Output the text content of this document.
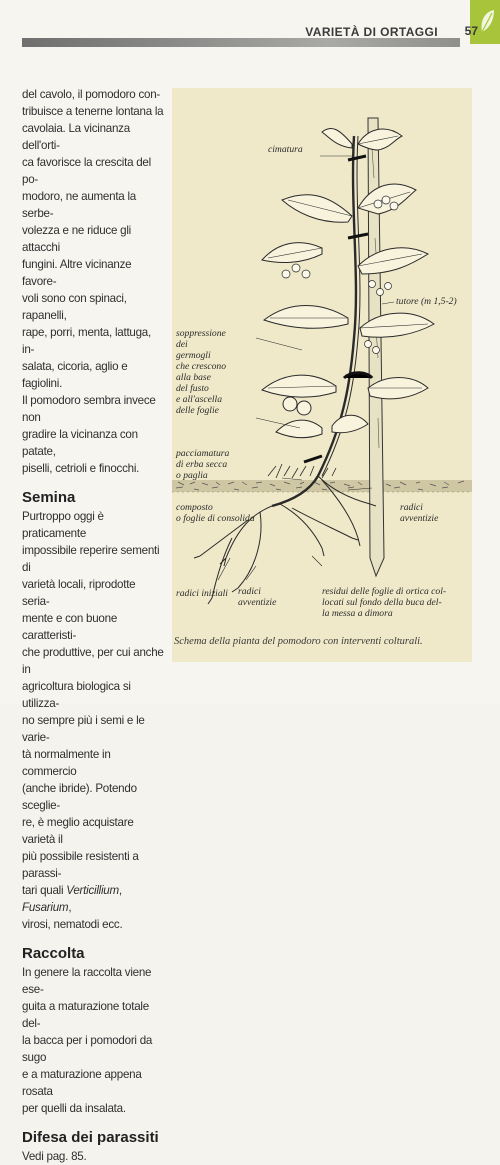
VARIETÀ DI ORTAGGI 57

del cavolo, il pomodoro con-
tribuisce a tenerne lontana la
cavolaia. La vicinanza dell'orti-
ca favorisce la crescita del po-
modoro, ne aumenta la serbe-
volezza e ne riduce gli attacchi
fungini. Altre vicinanze favore-
voli sono con spinaci, rapanelli,
rape, porri, menta, lattuga, in-
salata, cicoria, aglio e fagiolini.
Il pomodoro sembra invece non
gradire la vicinanza con patate,
piselli, cetrioli e finocchi.

Semina

Purtroppo oggi è praticamente
impossibile reperire sementi di
varietà locali, riprodotte seria-
mente e con buone caratteristi-
che produttive, per cui anche in
agricoltura biologica si utilizza-
no sempre più i semi e le varie-
tà normalmente in commercio
(anche ibride). Potendo sceglie-
re, è meglio acquistare varietà il
più possibile resistenti a parassi-
tari quali Verticillium, Fusarium,
virosi, nematodi ecc.

Raccolta

In genere la raccolta viene ese-
guita a maturazione totale del-
la bacca per i pomodori da sugo
e a maturazione appena rosata
per quelli da insalata.

Difesa dei parassiti

Vedi pag. 85.

cimatura
tutore (m 1,5-2)
soppressione
dei
germogli
che crescono
alla base
del fusto
e all'ascella
delle foglie
pacciamatura
di erba secca
o paglia
composto
o foglie di consolida
radici
avventizie
radici iniziali radici
avventizie
residui delle foglie di ortica col-
locati sul fondo della buca del-
la messa a dimora
Schema della pianta del pomodoro con interventi colturali.
